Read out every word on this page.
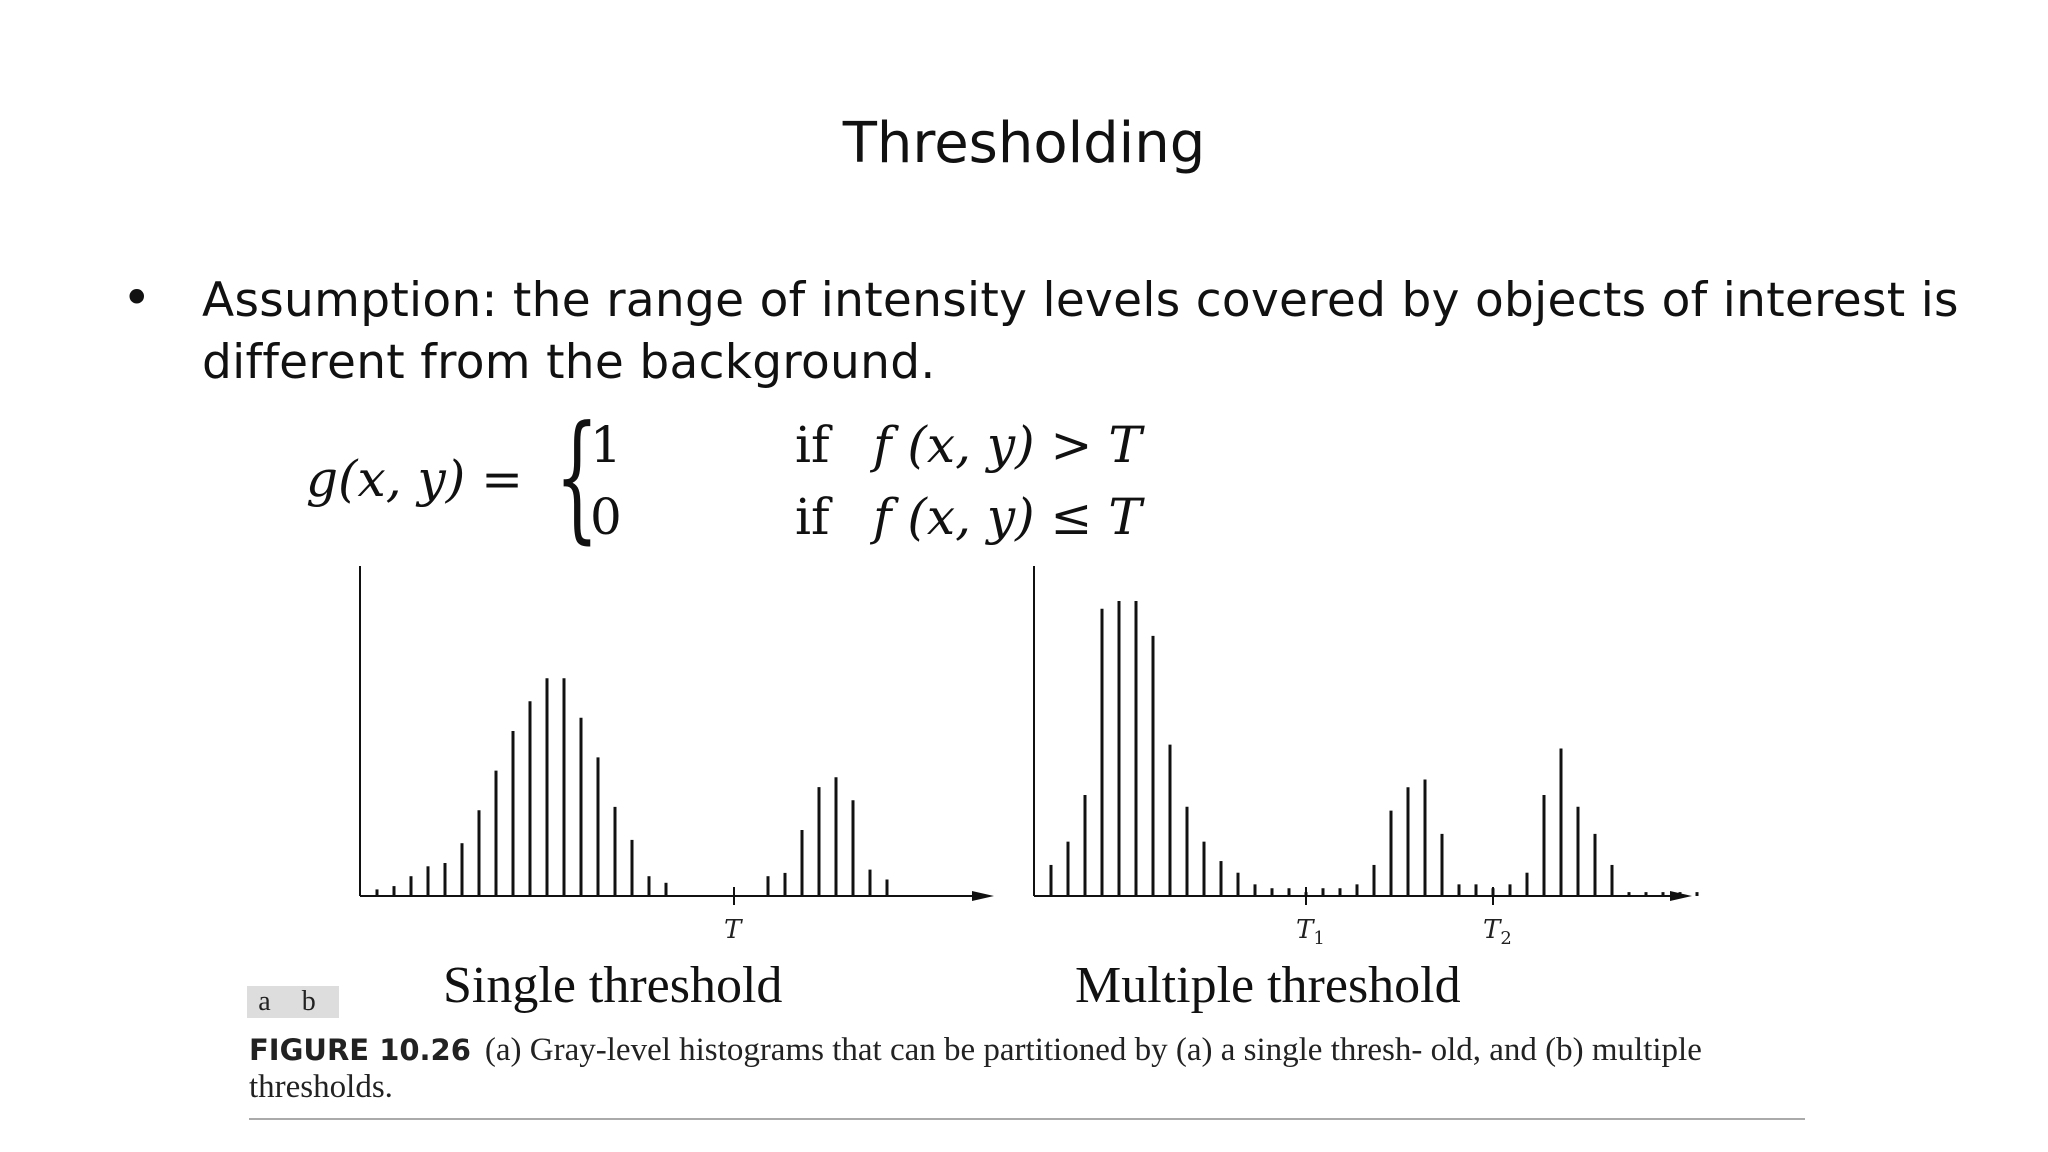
Thresholding
• Assumption: the range of intensity levels covered by objects of interest is different from the background.
g(x, y) = {
1	if f (x, y) > T
0	if f (x, y) ≤ T
T	$T_1$	$T_2$
Single threshold	Multiple threshold
a b
FIGURE 10.26 (a) Gray-level histograms that can be partitioned by (a) a single thresh- old, and (b) multiple thresholds.
